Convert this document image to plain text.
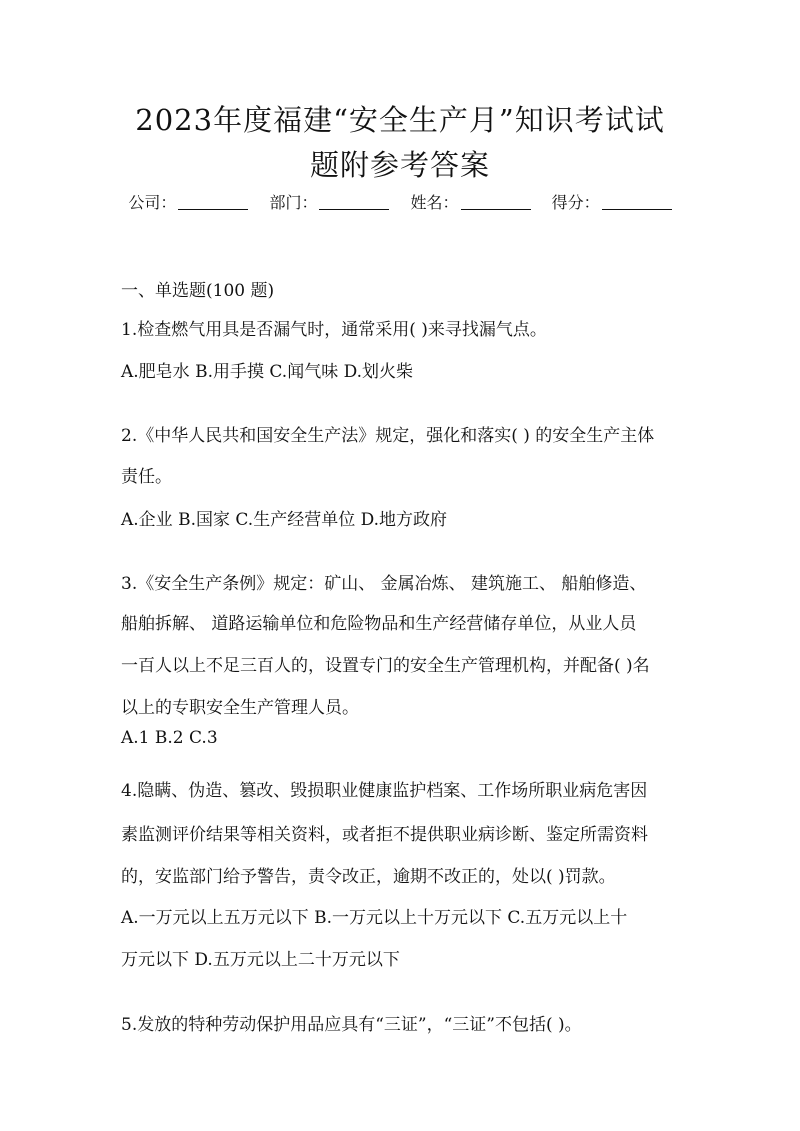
2023年度福建“安全生产月”知识考试试
题附参考答案
公司：	部门：	姓名：	得分：
一、单选题(100 题)
1.检查燃气用具是否漏气时，通常采用( )来寻找漏气点。
A.肥皂水 B.用手摸 C.闻气味 D.划火柴
2.《中华人民共和国安全生产法》规定，强化和落实( ) 的安全生产主体
责任。
A.企业 B.国家 C.生产经营单位 D.地方政府
3.《安全生产条例》规定：矿山、 金属冶炼、 建筑施工、 船舶修造、
船舶拆解、 道路运输单位和危险物品和生产经营储存单位，从业人员
一百人以上不足三百人的，设置专门的安全生产管理机构，并配备( )名
以上的专职安全生产管理人员。
A.1 B.2 C.3
4.隐瞒、伪造、篡改、毁损职业健康监护档案、工作场所职业病危害因
素监测评价结果等相关资料，或者拒不提供职业病诊断、鉴定所需资料
的，安监部门给予警告，责令改正，逾期不改正的，处以( )罚款。
A.一万元以上五万元以下 B.一万元以上十万元以下 C.五万元以上十
万元以下 D.五万元以上二十万元以下
5.发放的特种劳动保护用品应具有“三证”，“三证”不包括( )。
